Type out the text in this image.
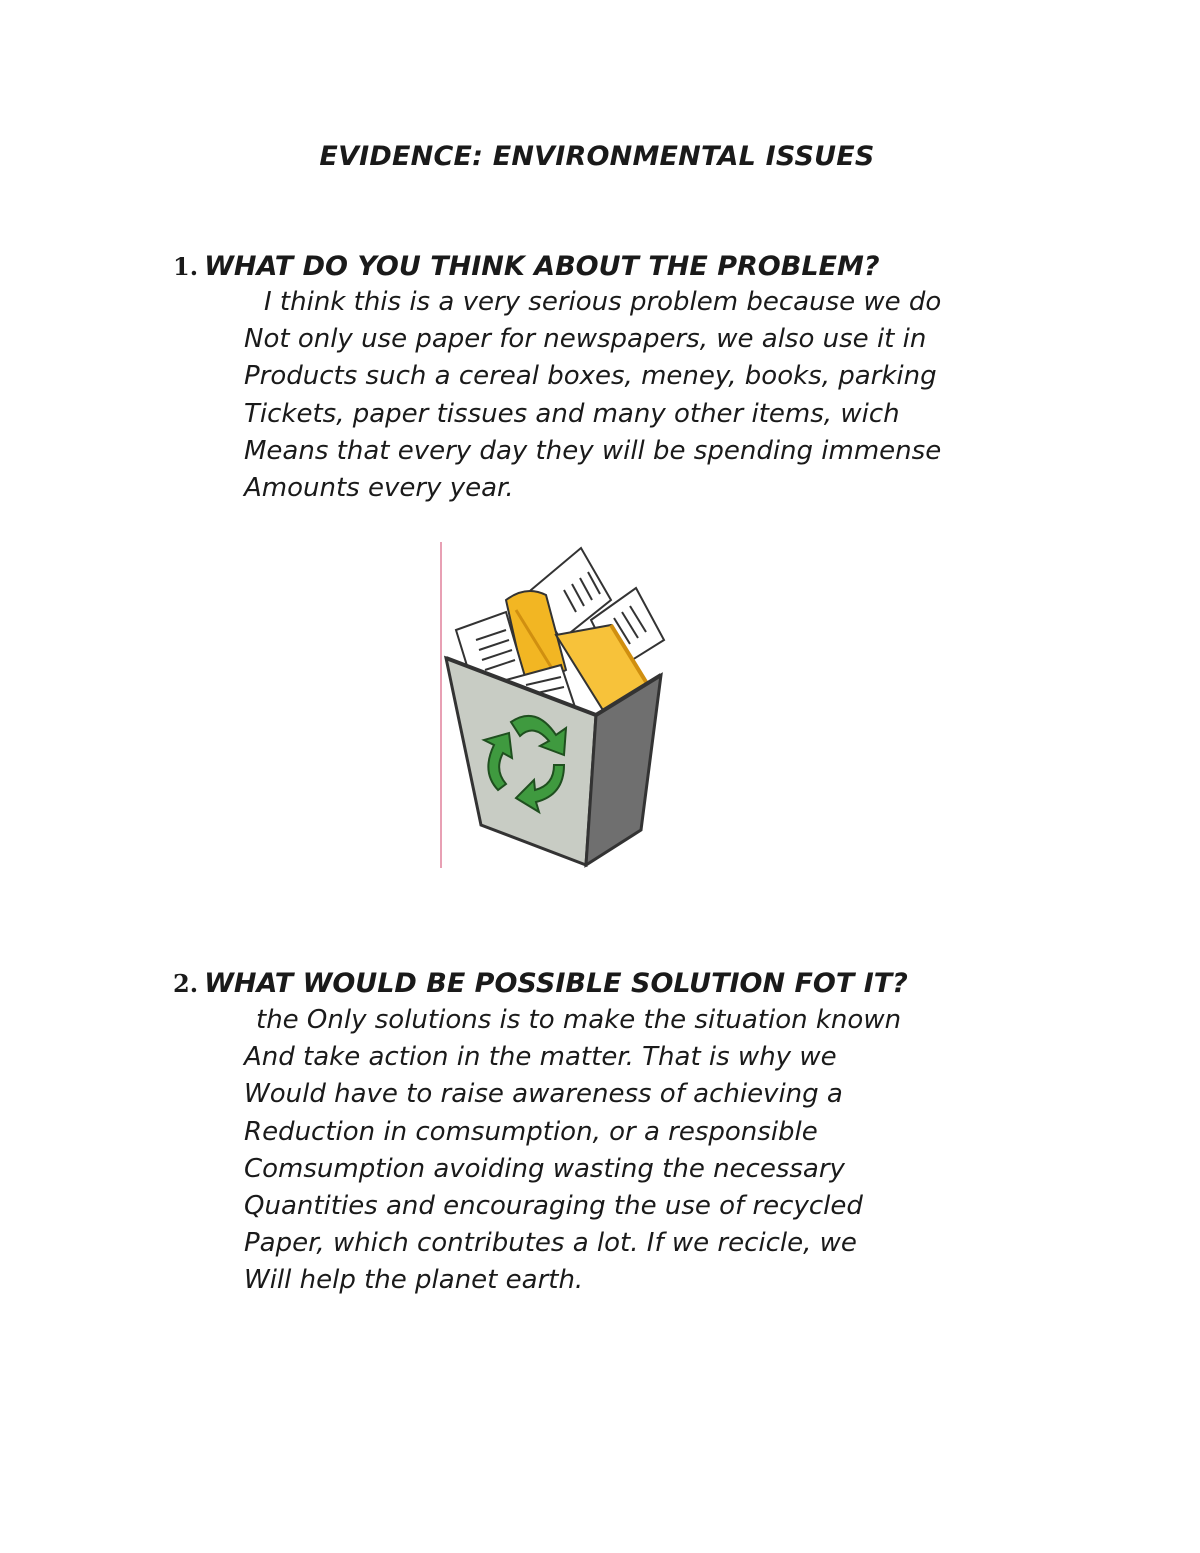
EVIDENCE: ENVIRONMENTAL ISSUES
1. WHAT DO YOU THINK ABOUT THE PROBLEM?
I think this is a very serious problem because we do
Not only use paper for newspapers, we also use it in
Products such a cereal boxes, meney, books, parking
Tickets, paper tissues and many other items, wich
Means that every day they will be spending immense
Amounts every year.
2. WHAT WOULD BE POSSIBLE SOLUTION FOT IT?
the Only solutions is to make the situation known
And take action in the matter. That is why we
Would have to raise awareness of achieving a
Reduction in comsumption, or a responsible
Comsumption avoiding wasting the necessary
Quantities and encouraging the use of recycled
Paper, which contributes a lot. If we recicle, we
Will help the planet earth.
